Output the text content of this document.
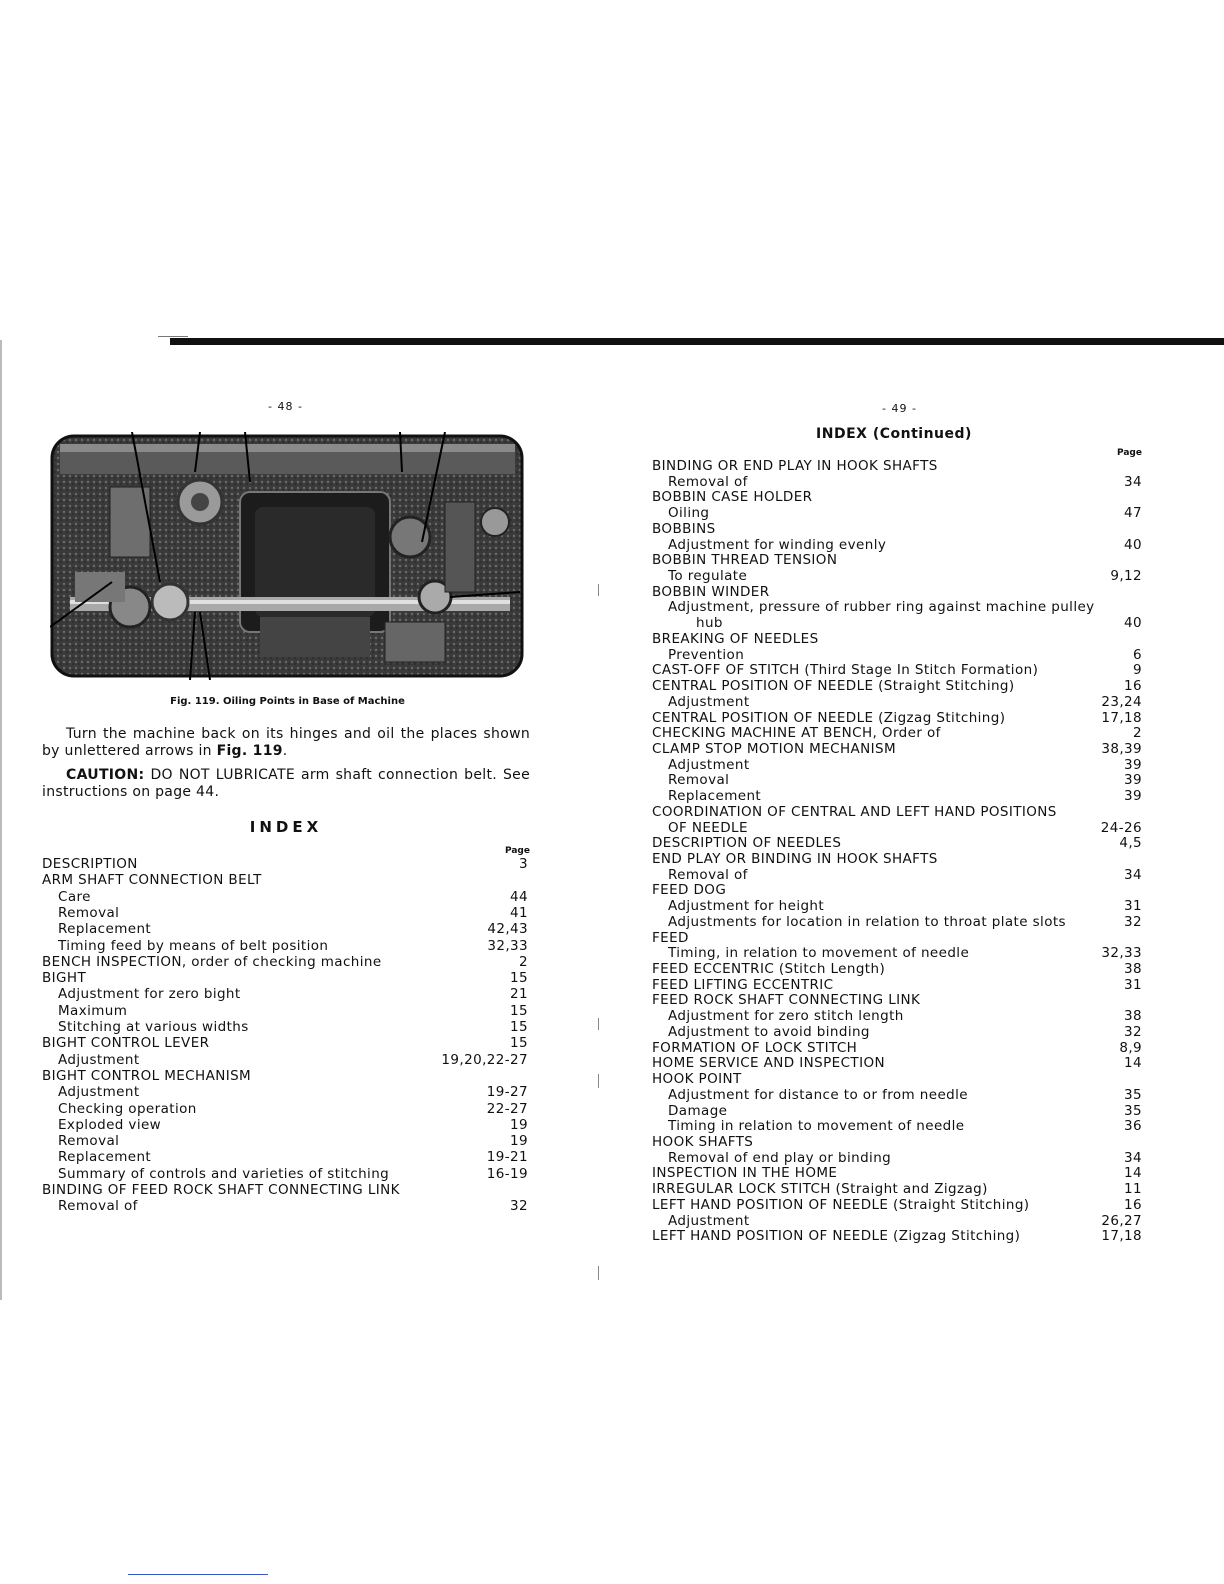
- 48 -
Fig. 119. Oiling Points in Base of Machine
Turn the machine back on its hinges and oil the places shown by unlettered arrows in Fig. 119.
CAUTION: DO NOT LUBRICATE arm shaft connection belt. See instructions on page 44.
INDEX
Page
DESCRIPTION	3
ARM SHAFT CONNECTION BELT
Care	44
Removal	41
Replacement	42,43
Timing feed by means of belt position	32,33
BENCH INSPECTION, order of checking machine	2
BIGHT	15
Adjustment for zero bight	21
Maximum	15
Stitching at various widths	15
BIGHT CONTROL LEVER	15
Adjustment	19,20,22-27
BIGHT CONTROL MECHANISM
Adjustment	19-27
Checking operation	22-27
Exploded view	19
Removal	19
Replacement	19-21
Summary of controls and varieties of stitching	16-19
BINDING OF FEED ROCK SHAFT CONNECTING LINK
Removal of	32
- 49 -
INDEX (Continued)
Page
BINDING OR END PLAY IN HOOK SHAFTS
Removal of	34
BOBBIN CASE HOLDER
Oiling	47
BOBBINS
Adjustment for winding evenly	40
BOBBIN THREAD TENSION
To regulate	9,12
BOBBIN WINDER
Adjustment, pressure of rubber ring against machine pulley
hub	40
BREAKING OF NEEDLES
Prevention	6
CAST-OFF OF STITCH (Third Stage In Stitch Formation)	9
CENTRAL POSITION OF NEEDLE (Straight Stitching)	16
Adjustment	23,24
CENTRAL POSITION OF NEEDLE (Zigzag Stitching)	17,18
CHECKING MACHINE AT BENCH, Order of	2
CLAMP STOP MOTION MECHANISM	38,39
Adjustment	39
Removal	39
Replacement	39
COORDINATION OF CENTRAL AND LEFT HAND POSITIONS
OF NEEDLE	24-26
DESCRIPTION OF NEEDLES	4,5
END PLAY OR BINDING IN HOOK SHAFTS
Removal of	34
FEED DOG
Adjustment for height	31
Adjustments for location in relation to throat plate slots	32
FEED
Timing, in relation to movement of needle	32,33
FEED ECCENTRIC (Stitch Length)	38
FEED LIFTING ECCENTRIC	31
FEED ROCK SHAFT CONNECTING LINK
Adjustment for zero stitch length	38
Adjustment to avoid binding	32
FORMATION OF LOCK STITCH	8,9
HOME SERVICE AND INSPECTION	14
HOOK POINT
Adjustment for distance to or from needle	35
Damage	35
Timing in relation to movement of needle	36
HOOK SHAFTS
Removal of end play or binding	34
INSPECTION IN THE HOME	14
IRREGULAR LOCK STITCH (Straight and Zigzag)	11
LEFT HAND POSITION OF NEEDLE (Straight Stitching)	16
Adjustment	26,27
LEFT HAND POSITION OF NEEDLE (Zigzag Stitching)	17,18
